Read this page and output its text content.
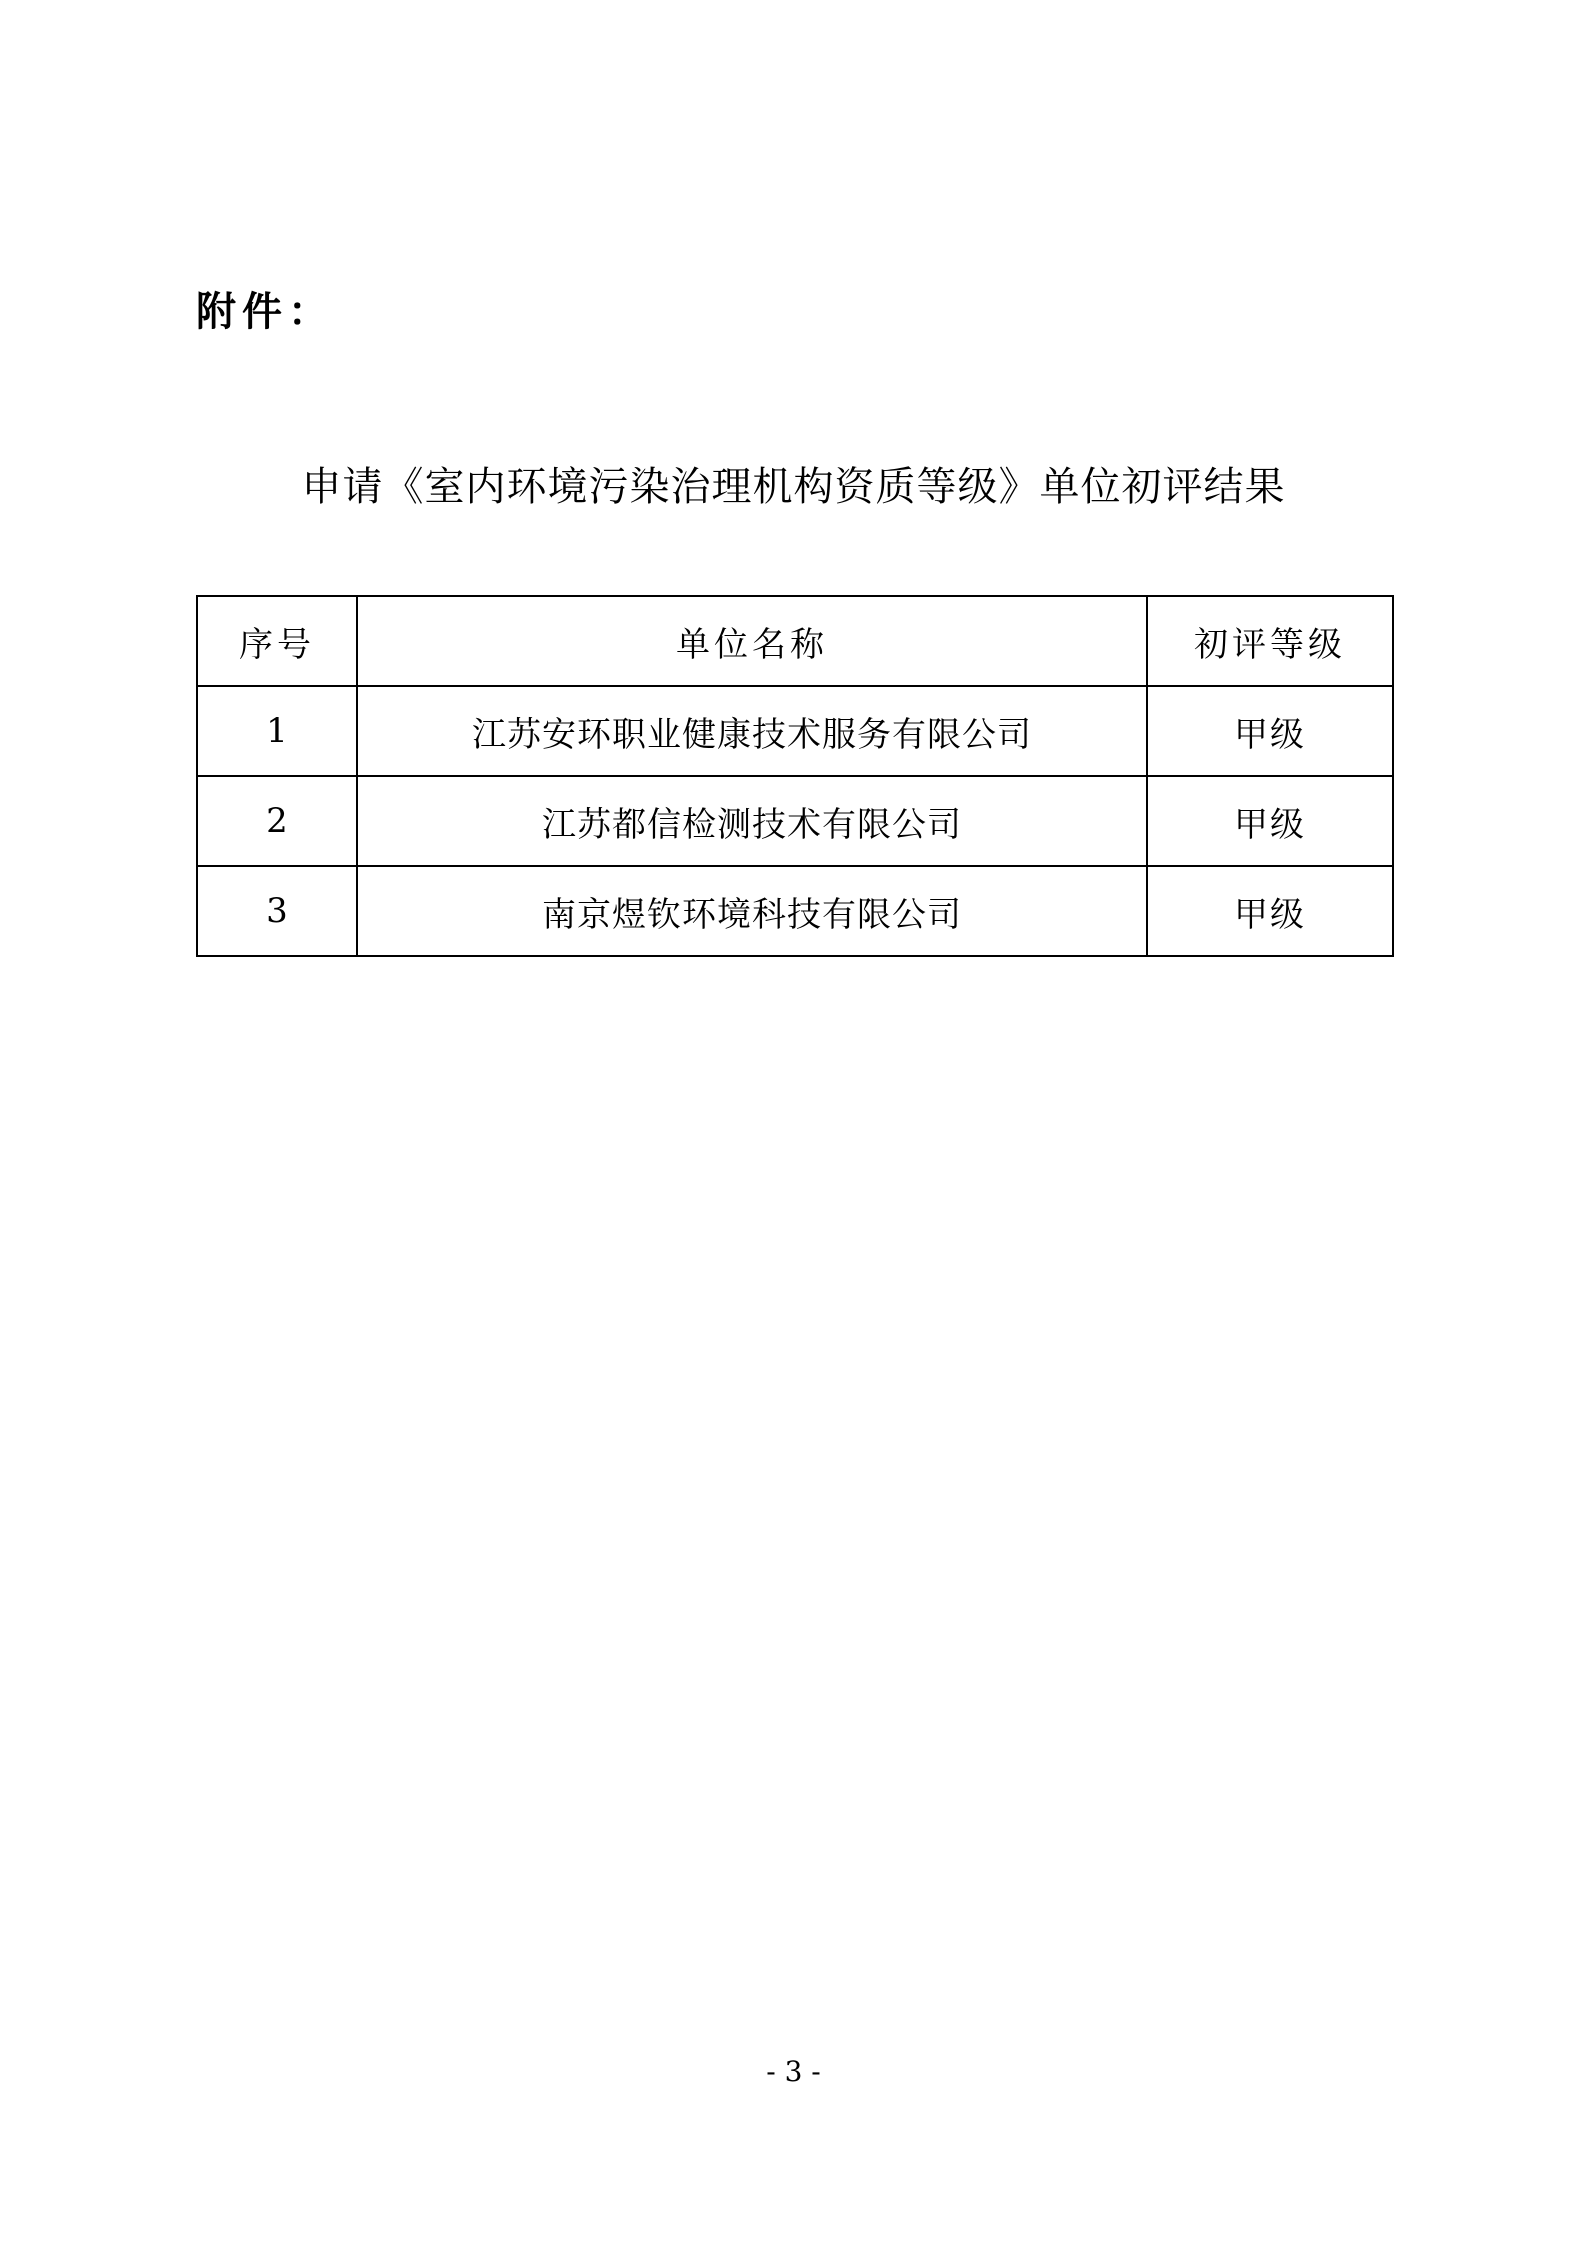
附件：
申请《室内环境污染治理机构资质等级》单位初评结果
序号	单位名称	初评等级
1	江苏安环职业健康技术服务有限公司	甲级
2	江苏都信检测技术有限公司	甲级
3	南京煜钦环境科技有限公司	甲级
- 3 -
